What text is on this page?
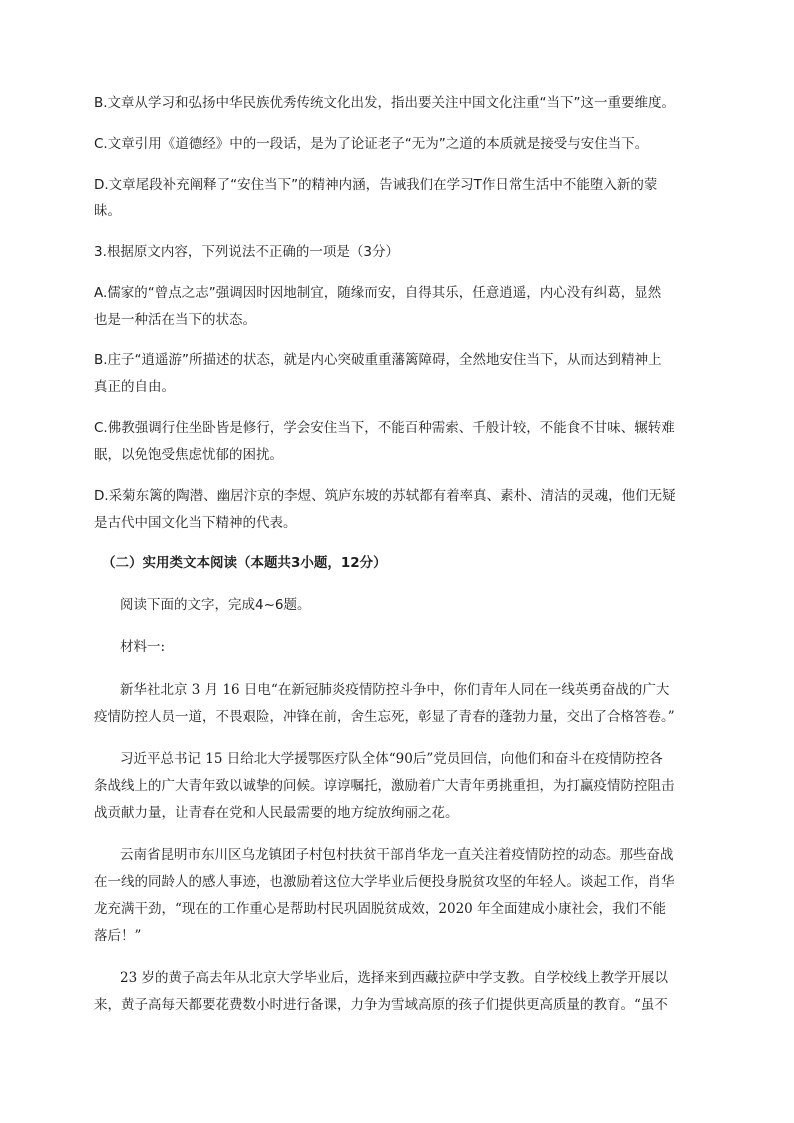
B.文章从学习和弘扬中华民族优秀传统文化出发，指出要关注中国文化注重“当下”这一重要维度。
C.文章引用《道德经》中的一段话，是为了论证老子“无为”之道的本质就是接受与安住当下。
D.文章尾段补充阐释了“安住当下”的精神内涵，告诫我们在学习T作日常生活中不能堕入新的蒙
昧。
3.根据原文内容，下列说法不正确的一项是（3分）
A.儒家的“曾点之志”强调因时因地制宜，随缘而安，自得其乐，任意逍遥，内心没有纠葛，显然
也是一种活在当下的状态。
B.庄子“逍遥游”所描述的状态，就是内心突破重重藩篱障碍，全然地安住当下，从而达到精神上
真正的自由。
C.佛教强调行住坐卧皆是修行，学会安住当下，不能百种需索、千般计较，不能食不甘味、辗转难
眠，以免饱受焦虑忧郁的困扰。
D.采菊东篱的陶潜、幽居汴京的李煜、筑庐东坡的苏轼都有着率真、素朴、清洁的灵魂，他们无疑
是古代中国文化当下精神的代表。
（二）实用类文本阅读（本题共3小题，12分）
阅读下面的文字，完成4~6题。
材料一:
新华社北京 3 月 16 日电“在新冠肺炎疫情防控斗争中，你们青年人同在一线英勇奋战的广大
疫情防控人员一道，不畏艰险，冲锋在前，舍生忘死，彰显了青春的蓬勃力量，交出了合格答卷。”
习近平总书记 15 日给北大学援鄂医疗队全体“90后”党员回信，向他们和奋斗在疫情防控各
条战线上的广大青年致以诚挚的问候。谆谆嘱托，激励着广大青年勇挑重担，为打赢疫情防控阻击
战贡献力量，让青春在党和人民最需要的地方绽放绚丽之花。
云南省昆明市东川区乌龙镇团子村包村扶贫干部肖华龙一直关注着疫情防控的动态。那些奋战
在一线的同龄人的感人事迹，也激励着这位大学毕业后便投身脱贫攻坚的年轻人。谈起工作，肖华
龙充满干劲，“现在的工作重心是帮助村民巩固脱贫成效，2020 年全面建成小康社会，我们不能
落后！”
23 岁的黄子高去年从北京大学毕业后，选择来到西藏拉萨中学支教。自学校线上教学开展以
来，黄子高每天都要花费数小时进行备课，力争为雪域高原的孩子们提供更高质量的教育。“虽不
